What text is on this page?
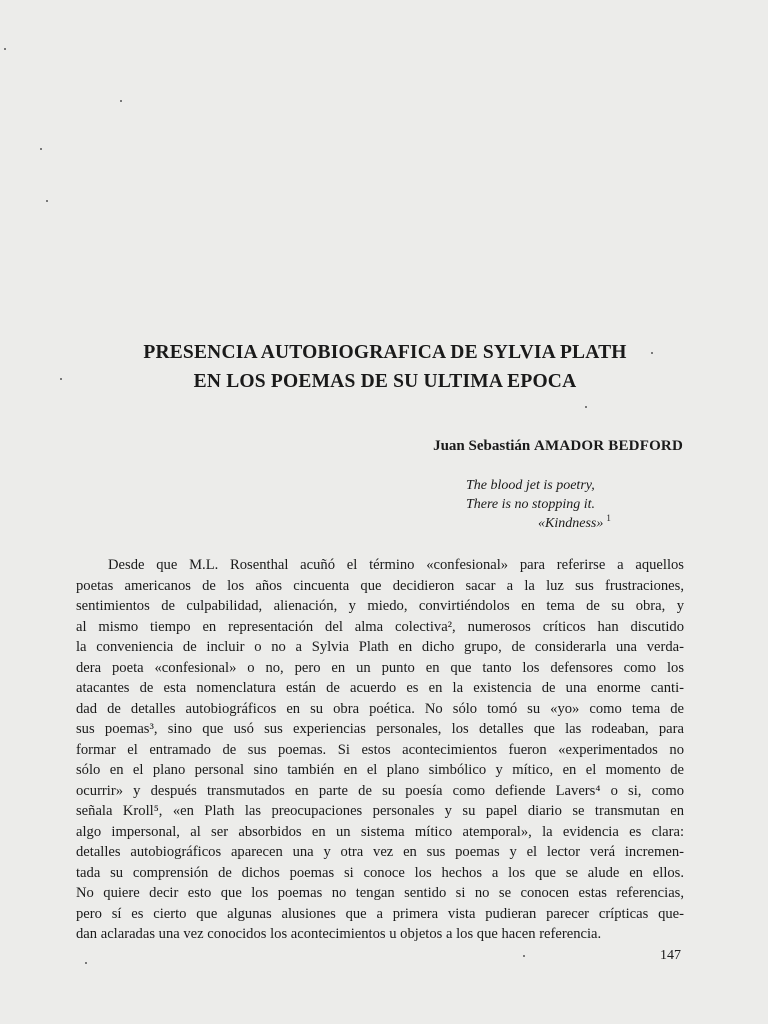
PRESENCIA AUTOBIOGRAFICA DE SYLVIA PLATH
EN LOS POEMAS DE SU ULTIMA EPOCA
Juan Sebastián AMADOR BEDFORD
The blood jet is poetry,
There is no stopping it.
«Kindness» $^1$
Desde que M.L. Rosenthal acuñó el término «confesional» para referirse a aquellos
poetas americanos de los años cincuenta que decidieron sacar a la luz sus frustraciones,
sentimientos de culpabilidad, alienación, y miedo, convirtiéndolos en tema de su obra, y
al mismo tiempo en representación del alma colectiva², numerosos críticos han discutido
la conveniencia de incluir o no a Sylvia Plath en dicho grupo, de considerarla una verda-
dera poeta «confesional» o no, pero en un punto en que tanto los defensores como los
atacantes de esta nomenclatura están de acuerdo es en la existencia de una enorme canti-
dad de detalles autobiográficos en su obra poética. No sólo tomó su «yo» como tema de
sus poemas³, sino que usó sus experiencias personales, los detalles que las rodeaban, para
formar el entramado de sus poemas. Si estos acontecimientos fueron «experimentados no
sólo en el plano personal sino también en el plano simbólico y mítico, en el momento de
ocurrir» y después transmutados en parte de su poesía como defiende Lavers⁴ o si, como
señala Kroll⁵, «en Plath las preocupaciones personales y su papel diario se transmutan en
algo impersonal, al ser absorbidos en un sistema mítico atemporal», la evidencia es clara:
detalles autobiográficos aparecen una y otra vez en sus poemas y el lector verá incremen-
tada su comprensión de dichos poemas si conoce los hechos a los que se alude en ellos.
No quiere decir esto que los poemas no tengan sentido si no se conocen estas referencias,
pero sí es cierto que algunas alusiones que a primera vista pudieran parecer crípticas que-
dan aclaradas una vez conocidos los acontecimientos u objetos a los que hacen referencia.
147
